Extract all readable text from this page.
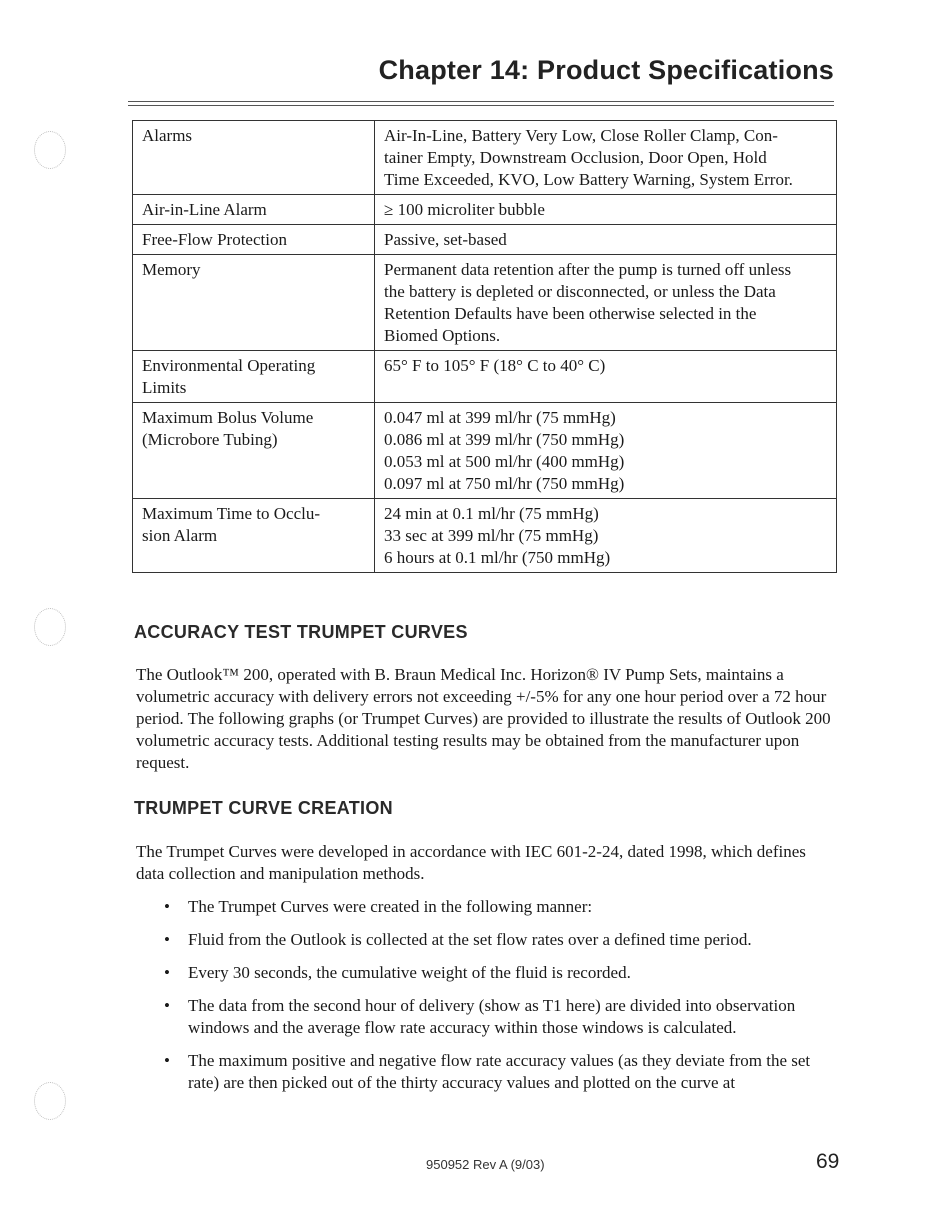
Chapter 14: Product Specifications
Alarms	Air-In-Line, Battery Very Low, Close Roller Clamp, Con-
tainer Empty, Downstream Occlusion, Door Open, Hold
Time Exceeded, KVO, Low Battery Warning, System Error.
Air-in-Line Alarm	≥ 100 microliter bubble
Free-Flow Protection	Passive, set-based
Memory	Permanent data retention after the pump is turned off unless
the battery is depleted or disconnected, or unless the Data
Retention Defaults have been otherwise selected in the
Biomed Options.
Environmental Operating
Limits	65° F to 105° F (18° C to 40° C)
Maximum Bolus Volume
(Microbore Tubing)	0.047 ml at 399 ml/hr (75 mmHg)
0.086 ml at 399 ml/hr (750 mmHg)
0.053 ml at 500 ml/hr (400 mmHg)
0.097 ml at 750 ml/hr (750 mmHg)
Maximum Time to Occlu-
sion Alarm	24 min at 0.1 ml/hr (75 mmHg)
33 sec at 399 ml/hr (75 mmHg)
6 hours at 0.1 ml/hr (750 mmHg)
ACCURACY TEST TRUMPET CURVES

The Outlook™ 200, operated with B. Braun Medical Inc. Horizon® IV Pump Sets, maintains a volumetric accuracy with delivery errors not exceeding +/-5% for any one hour period over a 72 hour period. The following graphs (or Trumpet Curves) are provided to illustrate the results of Outlook 200 volumetric accuracy tests. Additional testing results may be obtained from the manufacturer upon request.

TRUMPET CURVE CREATION

The Trumpet Curves were developed in accordance with IEC 601-2-24, dated 1998, which defines data collection and manipulation methods.

• The Trumpet Curves were created in the following manner:
• Fluid from the Outlook is collected at the set flow rates over a defined time period.
• Every 30 seconds, the cumulative weight of the fluid is recorded.
• The data from the second hour of delivery (show as T1 here) are divided into observation windows and the average flow rate accuracy within those windows is calculated.
• The maximum positive and negative flow rate accuracy values (as they deviate from the set rate) are then picked out of the thirty accuracy values and plotted on the curve at
950952 Rev A (9/03)	69
